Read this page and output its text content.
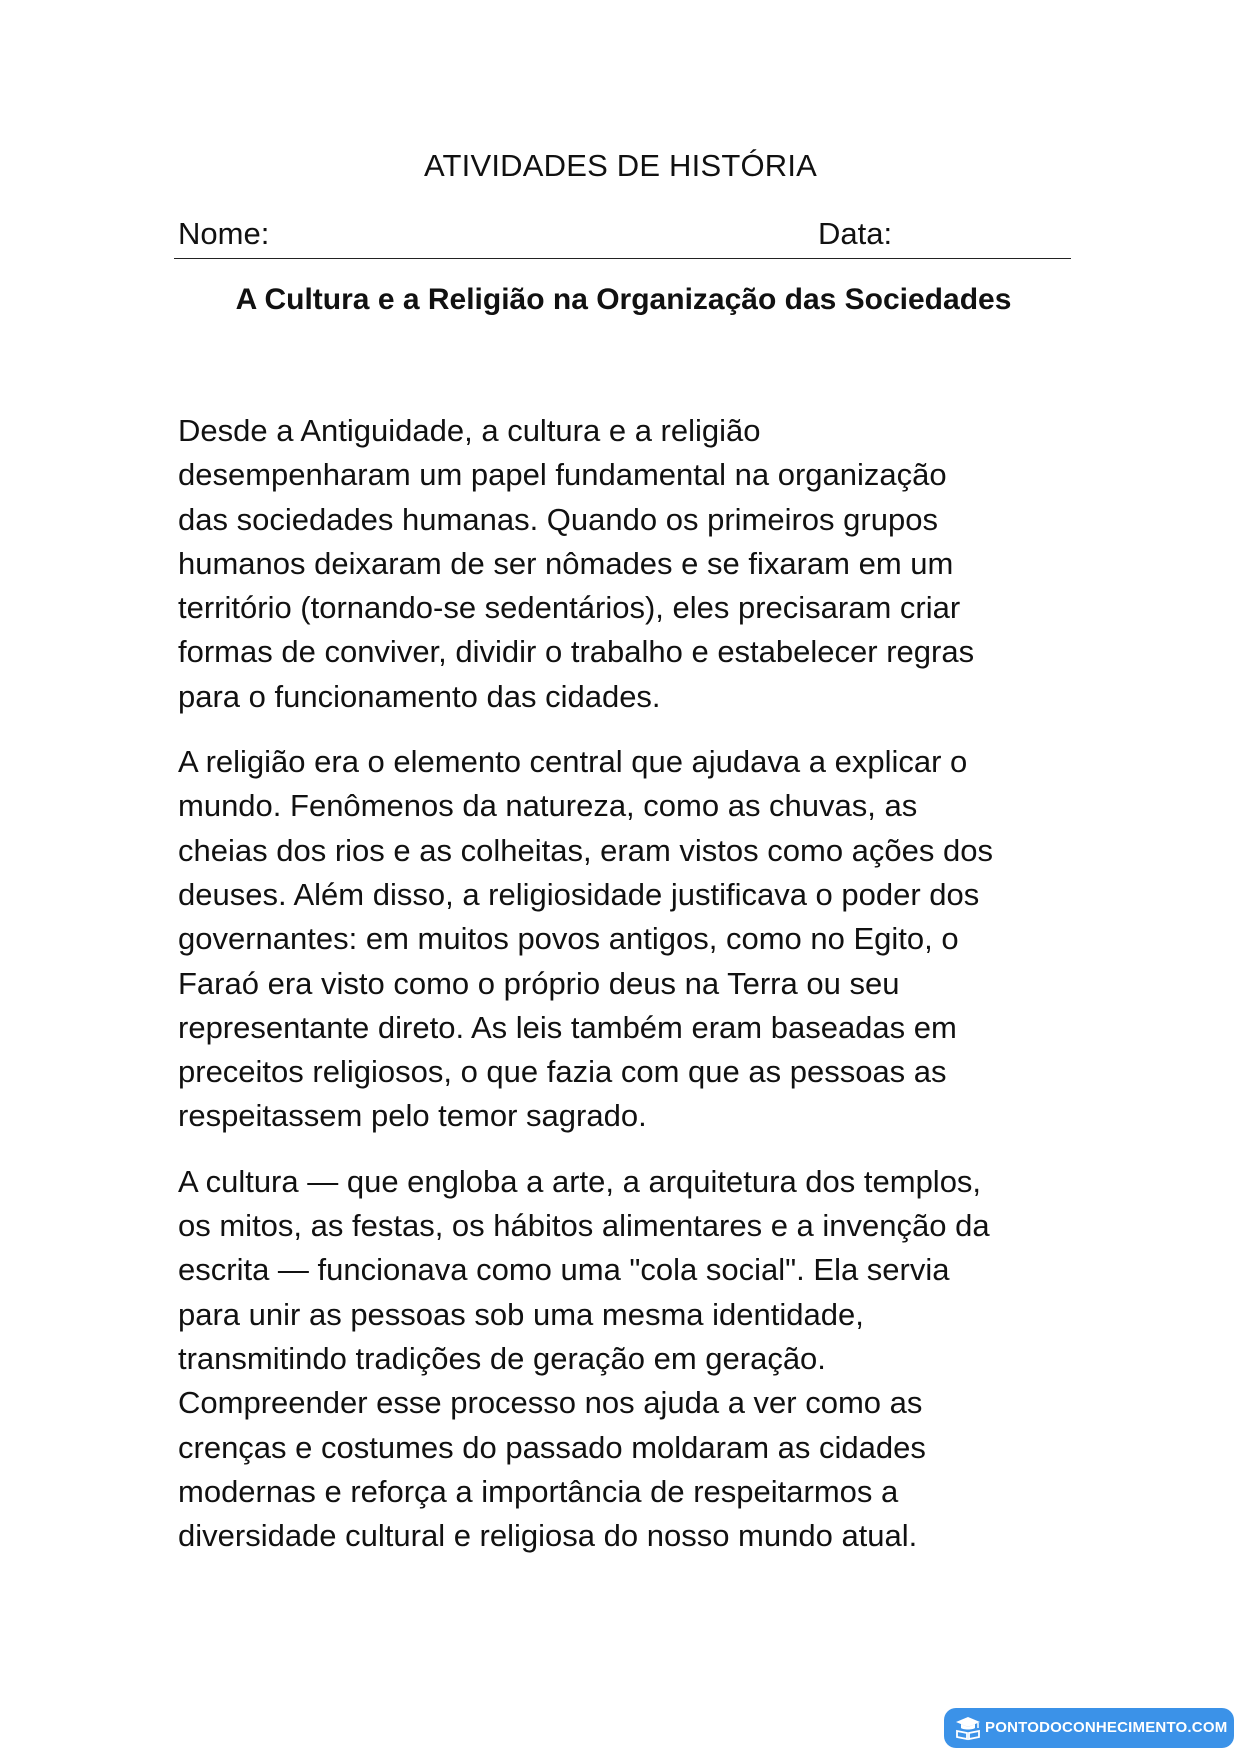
ATIVIDADES DE HISTÓRIA
Nome:	Data:
A Cultura e a Religião na Organização das Sociedades

Desde a Antiguidade, a cultura e a religião
desempenharam um papel fundamental na organização
das sociedades humanas. Quando os primeiros grupos
humanos deixaram de ser nômades e se fixaram em um
território (tornando-se sedentários), eles precisaram criar
formas de conviver, dividir o trabalho e estabelecer regras
para o funcionamento das cidades.

A religião era o elemento central que ajudava a explicar o
mundo. Fenômenos da natureza, como as chuvas, as
cheias dos rios e as colheitas, eram vistos como ações dos
deuses. Além disso, a religiosidade justificava o poder dos
governantes: em muitos povos antigos, como no Egito, o
Faraó era visto como o próprio deus na Terra ou seu
representante direto. As leis também eram baseadas em
preceitos religiosos, o que fazia com que as pessoas as
respeitassem pelo temor sagrado.

A cultura — que engloba a arte, a arquitetura dos templos,
os mitos, as festas, os hábitos alimentares e a invenção da
escrita — funcionava como uma "cola social". Ela servia
para unir as pessoas sob uma mesma identidade,
transmitindo tradições de geração em geração.
Compreender esse processo nos ajuda a ver como as
crenças e costumes do passado moldaram as cidades
modernas e reforça a importância de respeitarmos a
diversidade cultural e religiosa do nosso mundo atual.

PONTODOCONHECIMENTO.COM
